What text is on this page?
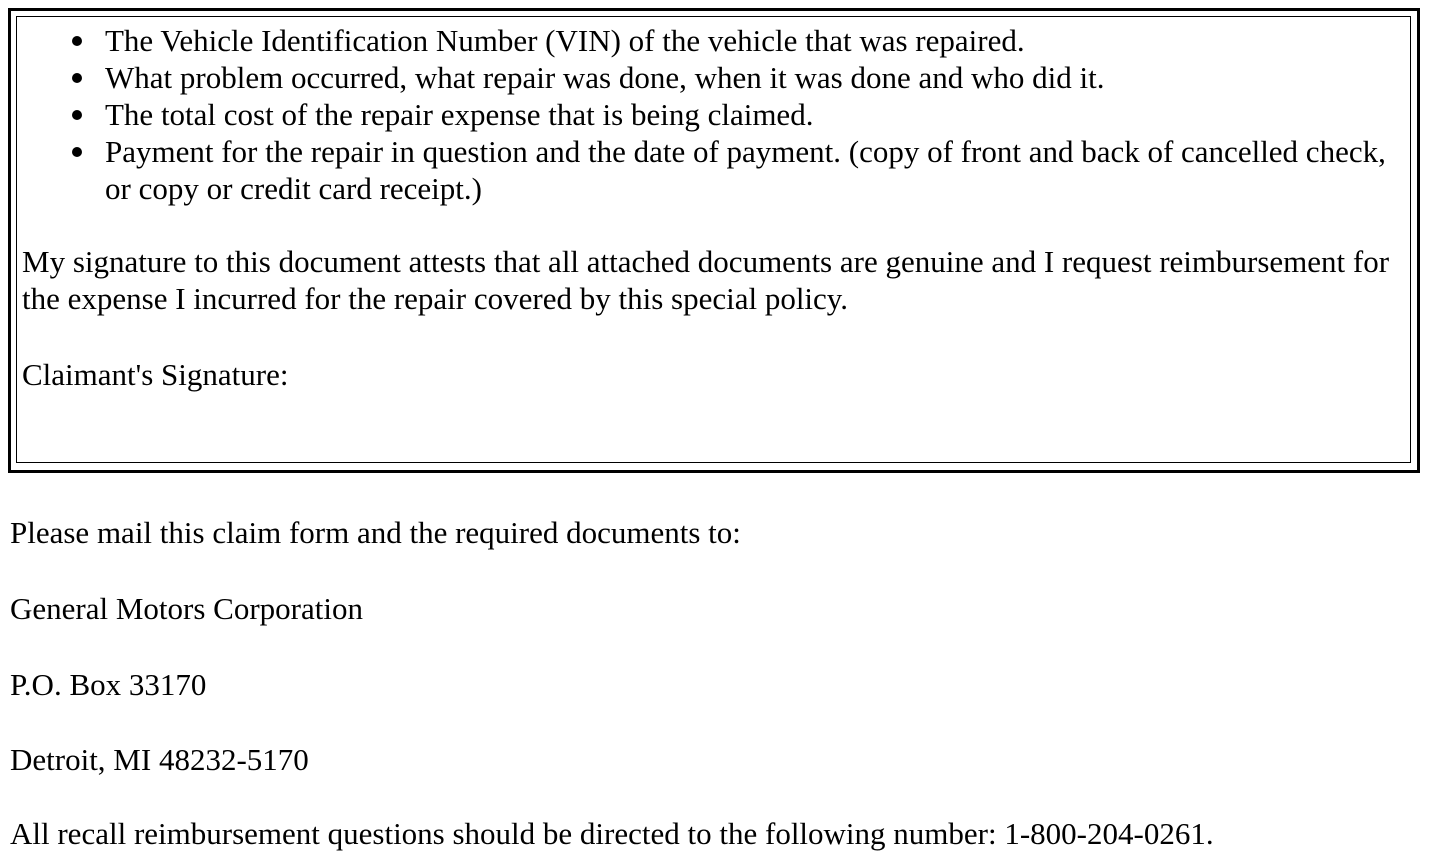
The Vehicle Identification Number (VIN) of the vehicle that was repaired.
What problem occurred, what repair was done, when it was done and who did it.
The total cost of the repair expense that is being claimed.
Payment for the repair in question and the date of payment. (copy of front and back of cancelled check, or copy or credit card receipt.)

My signature to this document attests that all attached documents are genuine and I request reimbursement for the expense I incurred for the repair covered by this special policy.

Claimant's Signature:

Please mail this claim form and the required documents to:

General Motors Corporation

P.O. Box 33170

Detroit, MI 48232-5170

All recall reimbursement questions should be directed to the following number: 1-800-204-0261.
